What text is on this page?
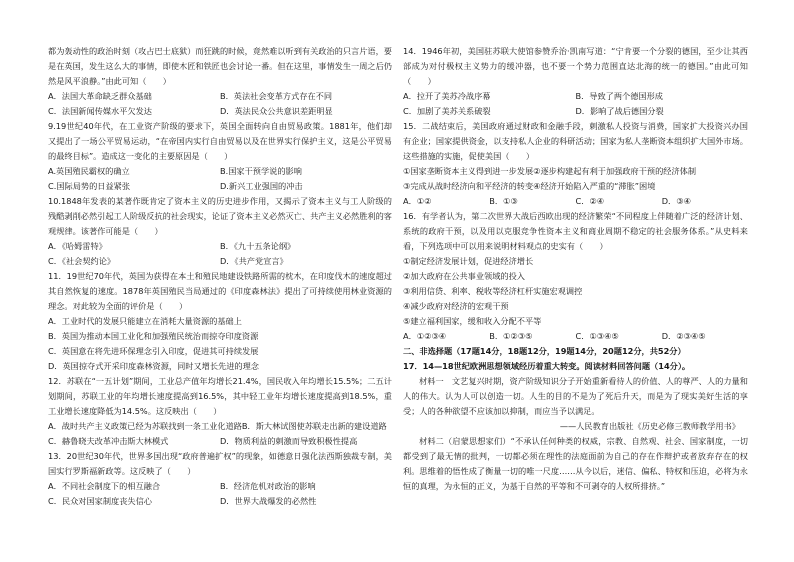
都为轰动性的政治时刻（攻占巴士底狱）而狂跳的时候，竟然难以听到有关政治的只言片语，要是在英国，发生这么大的事情，即使木匠和铁匠也会讨论一番。但在这里，事情发生一周之后仍然是风平浪静。”由此可知（　　）

A．法国大革命缺乏群众基础	B．英法社会变革方式存在不同
C．法国新闻传媒水平欠发达	D．英法民众公共意识差距明显

9.19世纪40年代，在工业资产阶级的要求下，英国全面转向自由贸易政策。1881年，他们却又提出了一场公平贸易运动，“在帝国内实行自由贸易以及在世界实行保护主义，这是公平贸易的最终目标”。造成这一变化的主要原因是（　　）

A.英国殖民霸权的确立	B.国家干预学说的影响
C.国际局势的日益紧张	D.新兴工业强国的冲击

10.1848年发表的某著作既肯定了资本主义的历史进步作用，又揭示了资本主义与工人阶级的残酷剥削必然引起工人阶级反抗的社会现实，论证了资本主义必然灭亡、共产主义必然胜利的客观规律。该著作可能是（　　）

A．《哈姆雷特》	B．《九十五条论纲》
C．《社会契约论》	D．《共产党宣言》

11．19世纪70年代，英国为获得在本土和殖民地建设铁路所需的枕木，在印度伐木的速度超过其自然恢复的速度。1878年英国殖民当局通过的《印度森林法》提出了可持续使用林业资源的理念。对此较为全面的评价是（　　）

A．工业时代的发展只能建立在消耗大量资源的基础上
B．英国为推动本国工业化和加强殖民统治而掠夺印度资源
C．英国意在将先进环保理念引入印度，促进其可持续发展
D．英国掠夺式开采印度森林资源，同时又增长先进的理念

12．苏联在“一五计划”期间，工业总产值年均增长21.4%，国民收入年均增长15.5%；二五计划期间，苏联工业的年均增长速度提高到16.5%，其中轻工业年均增长速度提高到18.5%，重工业增长速度降低为14.5%。这反映出（　　）

A．战时共产主义政策已经为苏联找到一条工业化道路 B．斯大林试图使苏联走出新的建设道路
C．赫鲁晓夫改革冲击斯大林模式	D．物质利益的刺激而导致积极性提高

13．20世纪30年代，世界多国出现“政府普遍扩权”的现象，如德意日强化法西斯独裁专制，美国实行罗斯福新政等。这反映了（　　）

A．不同社会制度下的相互融合	B．经济危机对政治的影响
C．民众对国家制度丧失信心	D．世界大战爆发的必然性

14．1946年初，美国驻苏联大使馆参赞乔治·凯南写道：“宁肯要一个分裂的德国，至少让其西部成为对付极权主义势力的缓冲器，也不要一个势力范围直达北海的统一的德国。”由此可知（　　）

A．拉开了美苏冷战序幕	B．导致了两个德国形成
C．加剧了美苏关系破裂	D．影响了战后德国分裂

15．二战结束后，美国政府通过财政和金融手段，刺激私人投资与消费，国家扩大投资兴办国有企业；国家提供资金，以支持私人企业的科研活动；国家为私人垄断资本组织扩大国外市场。这些措施的实施，促使美国（　　）

①国家垄断资本主义得到进一步发展②逐步构建起有利于加强政府干预的经济体制
③完成从战时经济向和平经济的转变④经济开始陷入严重的“滞胀”困境
A．①②	B．①③	C．②④	D．③④

16．有学者认为，第二次世界大战后西欧出现的经济繁荣“不同程度上伴随着广泛的经济计划、系统的政府干预，以及用以克服竞争性资本主义和商业周期不稳定的社会服务体系。”从史料来看，下列选项中可以用来说明材料观点的史实有（　　）

①制定经济发展计划，促进经济增长
②加大政府在公共事业领域的投入
③利用信贷、利率、税收等经济杠杆实施宏观调控
④减少政府对经济的宏观干预
⑤建立福利国家，缓和收入分配不平等
A．①②③④	B．①②③⑤	C．①③④⑤	D．②③④⑤
二、非选择题（17题14分，18题12分，19题14分，20题12分，共52分）
17．14—18世纪欧洲思想领域经历着重大转变。阅读材料回答问题（14分）。

材料一　文艺复兴时期，资产阶级知识分子开始重新看待人的价值、人的尊严、人的力量和人的伟大。认为人可以创造一切。人生的目的不是为了死后升天，而是为了现实美好生活的享受；人的各种欲望不应该加以抑制，而应当予以满足。

——人民教育出版社《历史必修三教师教学用书》

材料二（启蒙思想家们）“不承认任何种类的权威，宗教、自然观、社会、国家制度，一切都受到了最无情的批判，一切都必须在理性的法庭面前为自己的存在作辩护或者放弃存在的权利。思维着的悟性成了衡量一切的唯一尺度……从今以后，迷信、偏私、特权和压迫，必将为永恒的真理，为永恒的正义，为基于自然的平等和不可剥夺的人权所排挤。”
